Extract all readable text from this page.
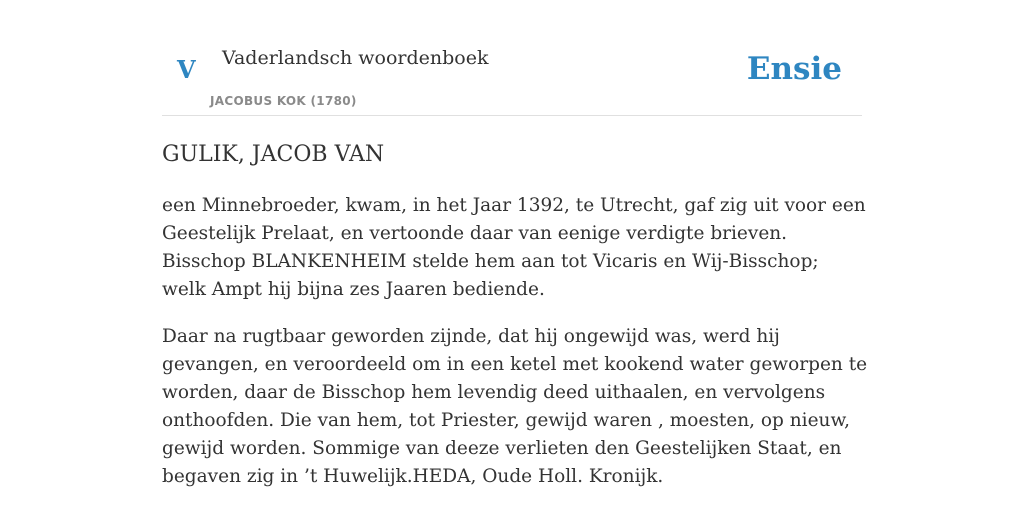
V Vaderlandsch woordenboek
JACOBUS KOK (1780)
Ensie
GULIK, JACOB VAN

een Minnebroeder, kwam, in het Jaar 1392, te Utrecht, gaf zig uit voor een Geestelijk Prelaat, en vertoonde daar van eenige verdigte brieven. Bisschop BLANKENHEIM stelde hem aan tot Vicaris en Wij-Bisschop; welk Ampt hij bijna zes Jaaren bediende.

Daar na rugtbaar geworden zijnde, dat hij ongewijd was, werd hij gevangen, en veroordeeld om in een ketel met kookend water geworpen te worden, daar de Bisschop hem levendig deed uithaalen, en vervolgens onthoofden. Die van hem, tot Priester, gewijd waren , moesten, op nieuw, gewijd worden. Sommige van deeze verlieten den Geestelijken Staat, en begaven zig in ’t Huwelijk.HEDA, Oude Holl. Kronijk.
